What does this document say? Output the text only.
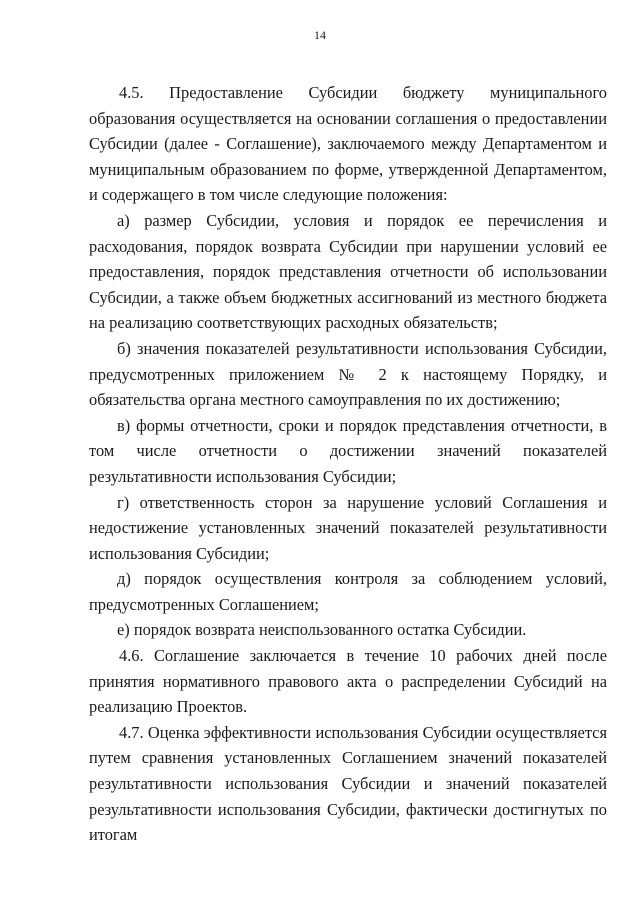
14

4.5. Предоставление Субсидии бюджету муниципального образования осуществляется на основании соглашения о предоставлении Субсидии (далее - Соглашение), заключаемого между Департаментом и муниципальным образованием по форме, утвержденной Департаментом, и содержащего в том числе следующие положения:

а) размер Субсидии, условия и порядок ее перечисления и расходования, порядок возврата Субсидии при нарушении условий ее предоставления, порядок представления отчетности об использовании Субсидии, а также объем бюджетных ассигнований из местного бюджета на реализацию соответствующих расходных обязательств;

б) значения показателей результативности использования Субсидии, предусмотренных приложением № 2 к настоящему Порядку, и обязательства органа местного самоуправления по их достижению;

в) формы отчетности, сроки и порядок представления отчетности, в том числе отчетности о достижении значений показателей результативности использования Субсидии;

г) ответственность сторон за нарушение условий Соглашения и недостижение установленных значений показателей результативности использования Субсидии;

д) порядок осуществления контроля за соблюдением условий, предусмотренных Соглашением;

е) порядок возврата неиспользованного остатка Субсидии.

4.6. Соглашение заключается в течение 10 рабочих дней после принятия нормативного правового акта о распределении Субсидий на реализацию Проектов.

4.7. Оценка эффективности использования Субсидии осуществляется путем сравнения установленных Соглашением значений показателей результативности использования Субсидии и значений показателей результативности использования Субсидии, фактически достигнутых по итогам
